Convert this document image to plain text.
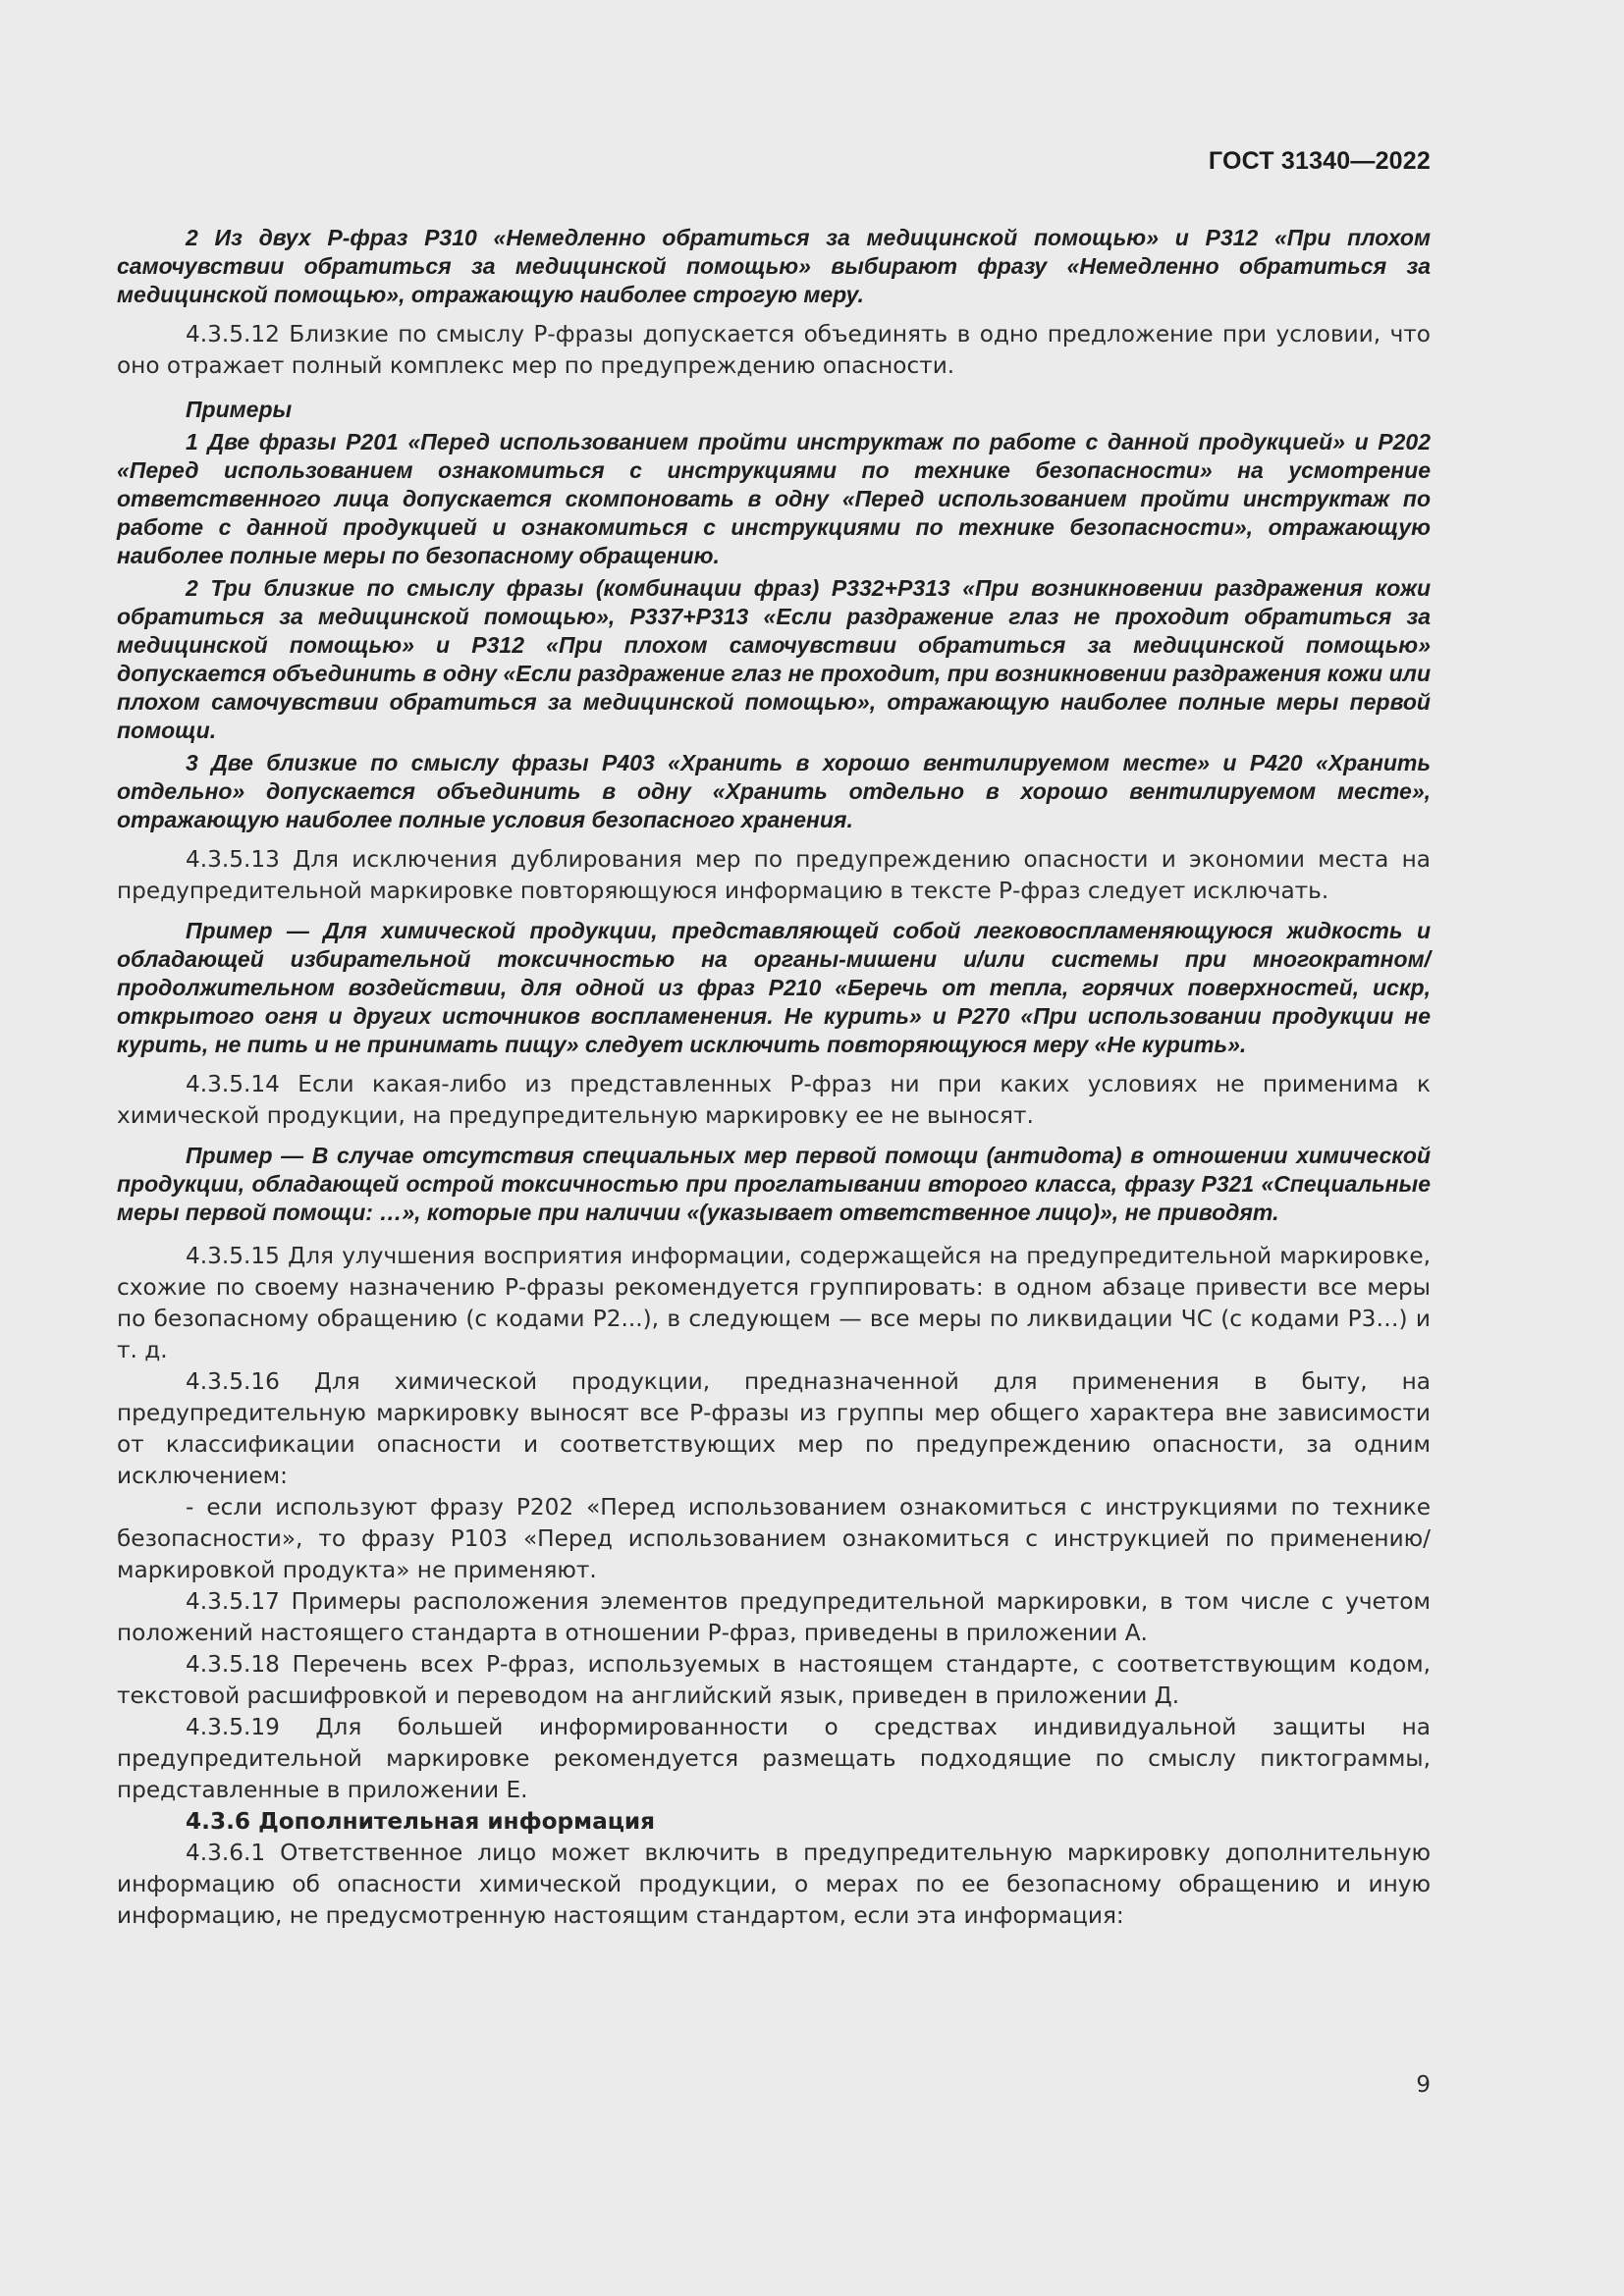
ГОСТ 31340—2022

2 Из двух Р-фраз Р310 «Немедленно обратиться за медицинской помощью» и Р312 «При плохом самочувствии обратиться за медицинской помощью» выбирают фразу «Немедленно обратиться за медицинской помощью», отражающую наиболее строгую меру.

4.3.5.12 Близкие по смыслу Р-фразы допускается объединять в одно предложение при условии, что оно отражает полный комплекс мер по предупреждению опасности.

Примеры

1 Две фразы Р201 «Перед использованием пройти инструктаж по работе с данной продукцией» и Р202 «Перед использованием ознакомиться с инструкциями по технике безопасности» на усмотрение ответственного лица допускается скомпоновать в одну «Перед использованием пройти инструктаж по работе с данной продукцией и ознакомиться с инструкциями по технике безопасности», отражающую наиболее полные меры по безопасному обращению.

2 Три близкие по смыслу фразы (комбинации фраз) Р332+Р313 «При возникновении раздражения кожи обратиться за медицинской помощью», Р337+Р313 «Если раздражение глаз не проходит обратиться за медицинской помощью» и Р312 «При плохом самочувствии обратиться за медицинской помощью» допускается объединить в одну «Если раздражение глаз не проходит, при возникновении раздражения кожи или плохом самочувствии обратиться за медицинской помощью», отражающую наиболее полные меры первой помощи.

3 Две близкие по смыслу фразы Р403 «Хранить в хорошо вентилируемом месте» и Р420 «Хранить отдельно» допускается объединить в одну «Хранить отдельно в хорошо вентилируемом месте», отражающую наиболее полные условия безопасного хранения.

4.3.5.13 Для исключения дублирования мер по предупреждению опасности и экономии места на предупредительной маркировке повторяющуюся информацию в тексте Р-фраз следует исключать.

Пример — Для химической продукции, представляющей собой легковоспламеняющуюся жидкость и обладающей избирательной токсичностью на органы-мишени и/или системы при многократном/продолжительном воздействии, для одной из фраз Р210 «Беречь от тепла, горячих поверхностей, искр, открытого огня и других источников воспламенения. Не курить» и Р270 «При использовании продукции не курить, не пить и не принимать пищу» следует исключить повторяющуюся меру «Не курить».

4.3.5.14 Если какая-либо из представленных Р-фраз ни при каких условиях не применима к химической продукции, на предупредительную маркировку ее не выносят.

Пример — В случае отсутствия специальных мер первой помощи (антидота) в отношении химической продукции, обладающей острой токсичностью при проглатывании второго класса, фразу Р321 «Специальные меры первой помощи: …», которые при наличии «(указывает ответственное лицо)», не приводят.

4.3.5.15 Для улучшения восприятия информации, содержащейся на предупредительной маркировке, схожие по своему назначению Р-фразы рекомендуется группировать: в одном абзаце привести все меры по безопасному обращению (с кодами Р2...), в следующем — все меры по ликвидации ЧС (с кодами Р3…) и т. д.

4.3.5.16 Для химической продукции, предназначенной для применения в быту, на предупредительную маркировку выносят все Р-фразы из группы мер общего характера вне зависимости от классификации опасности и соответствующих мер по предупреждению опасности, за одним исключением:

- если используют фразу Р202 «Перед использованием ознакомиться с инструкциями по технике безопасности», то фразу Р103 «Перед использованием ознакомиться с инструкцией по применению/маркировкой продукта» не применяют.

4.3.5.17 Примеры расположения элементов предупредительной маркировки, в том числе с учетом положений настоящего стандарта в отношении Р-фраз, приведены в приложении А.

4.3.5.18 Перечень всех Р-фраз, используемых в настоящем стандарте, с соответствующим кодом, текстовой расшифровкой и переводом на английский язык, приведен в приложении Д.

4.3.5.19 Для большей информированности о средствах индивидуальной защиты на предупредительной маркировке рекомендуется размещать подходящие по смыслу пиктограммы, представленные в приложении Е.

4.3.6 Дополнительная информация

4.3.6.1 Ответственное лицо может включить в предупредительную маркировку дополнительную информацию об опасности химической продукции, о мерах по ее безопасному обращению и иную информацию, не предусмотренную настоящим стандартом, если эта информация:

9
